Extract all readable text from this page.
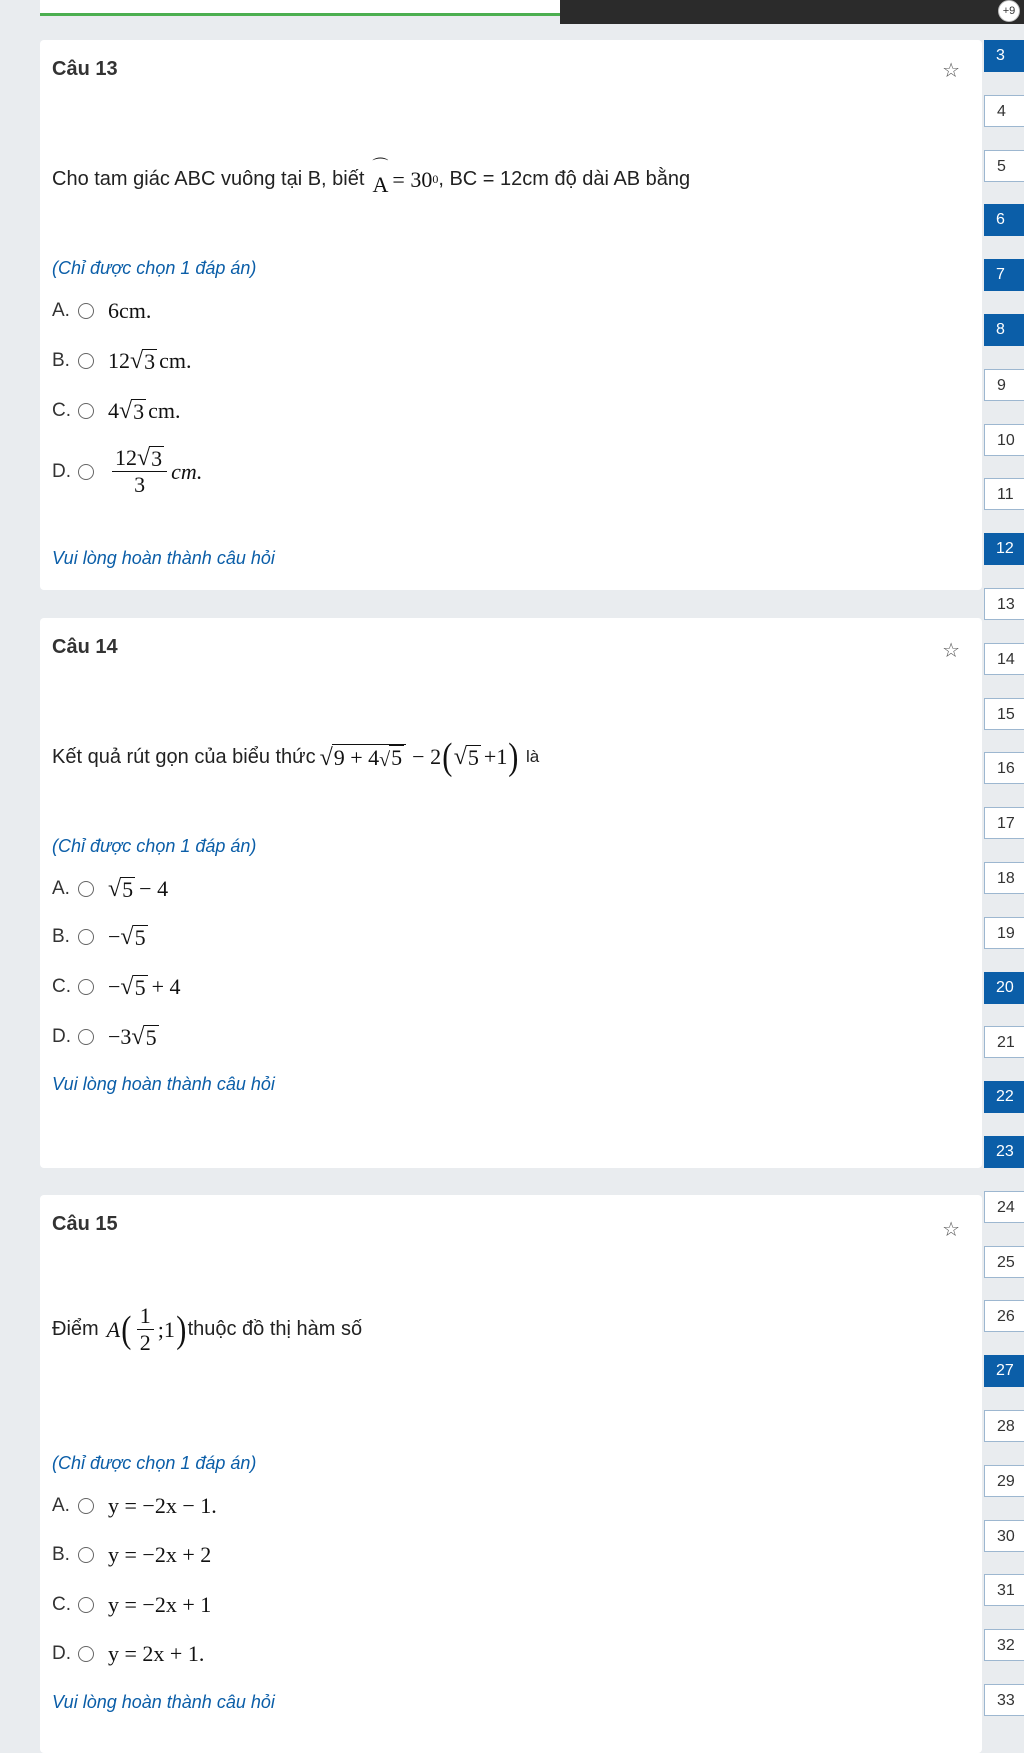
+9
Câu 13	☆
Cho tam giác ABC vuông tại B, biết
⌒
A = 30 0 , BC = 12cm độ dài AB bằng
(Chỉ được chọn 1 đáp án)
A.	6cm.
B.	12 √ 3 cm.
C.	4 √ 3 cm.
D.	$\frac{12 √ 3}{3}$ cm.
Vui lòng hoàn thành câu hỏi
Câu 14	☆
Kết quả rút gọn của biểu thức √ 9 + 4 √ 5 − 2 ( √ 5 +1 ) là
(Chỉ được chọn 1 đáp án)
A.	√ 5 − 4
B.	− √ 5
C.	− √ 5 + 4
D.	−3 √ 5
Vui lòng hoàn thành câu hỏi
Câu 15	☆
Điểm A ( $\frac{1}{2}$ ;1 ) thuộc đồ thị hàm số
(Chỉ được chọn 1 đáp án)
A.	y = −2x − 1.
B.	y = −2x + 2
C.	y = −2x + 1
D.	y = 2x + 1.
Vui lòng hoàn thành câu hỏi
3
4
5
6
7
8
9
10
11
12
13
14
15
16
17
18
19
20
21
22
23
24
25
26
27
28
29
30
31
32
33
